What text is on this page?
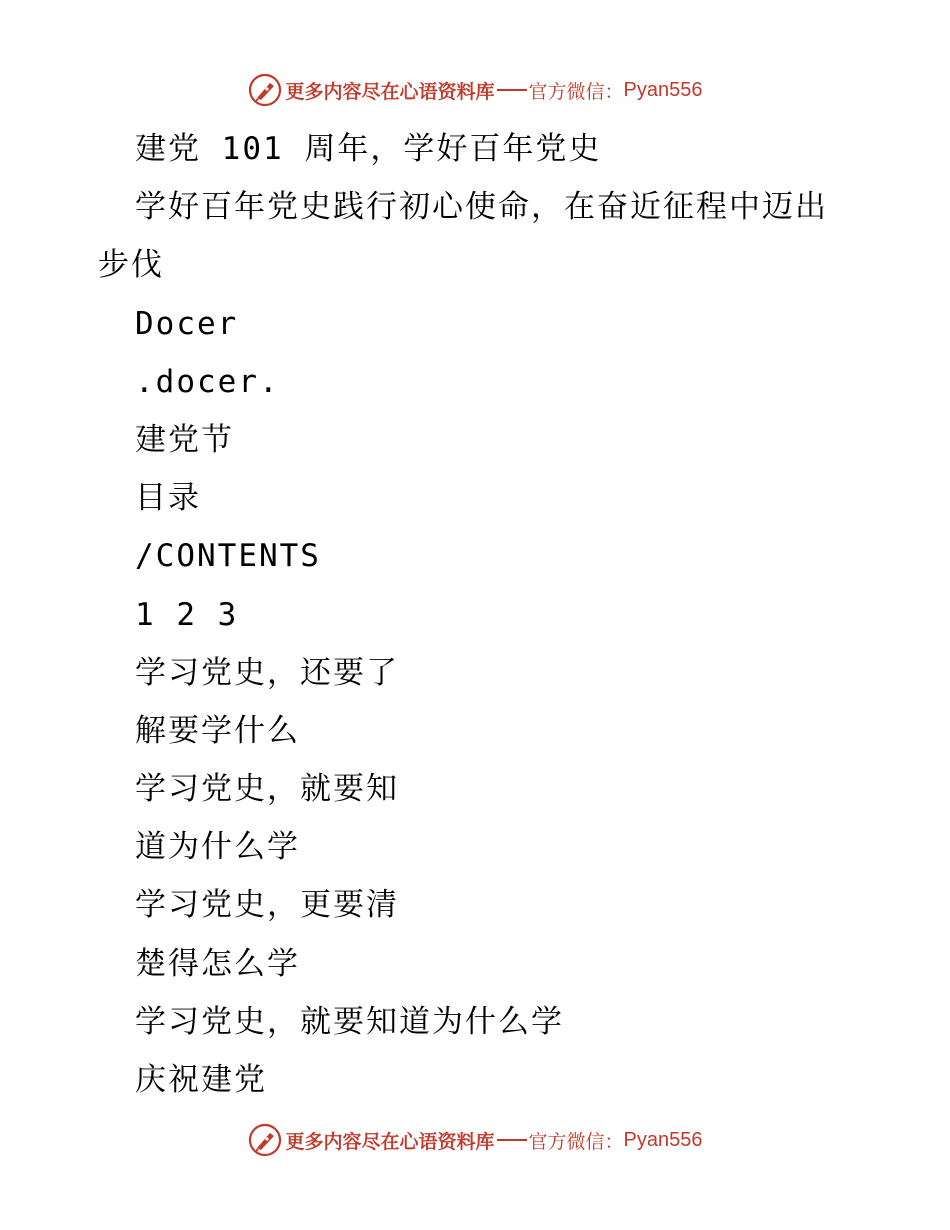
更多内容尽在心语资料库 官方微信： Pyan556
建党 101 周年，学好百年党史
学好百年党史践行初心使命，在奋近征程中迈出
步伐
Docer
.docer.
建党节
目录
/CONTENTS
1 2 3
学习党史，还要了
解要学什么
学习党史，就要知
道为什么学
学习党史，更要清
楚得怎么学
学习党史，就要知道为什么学
庆祝建党
更多内容尽在心语资料库 官方微信： Pyan556
